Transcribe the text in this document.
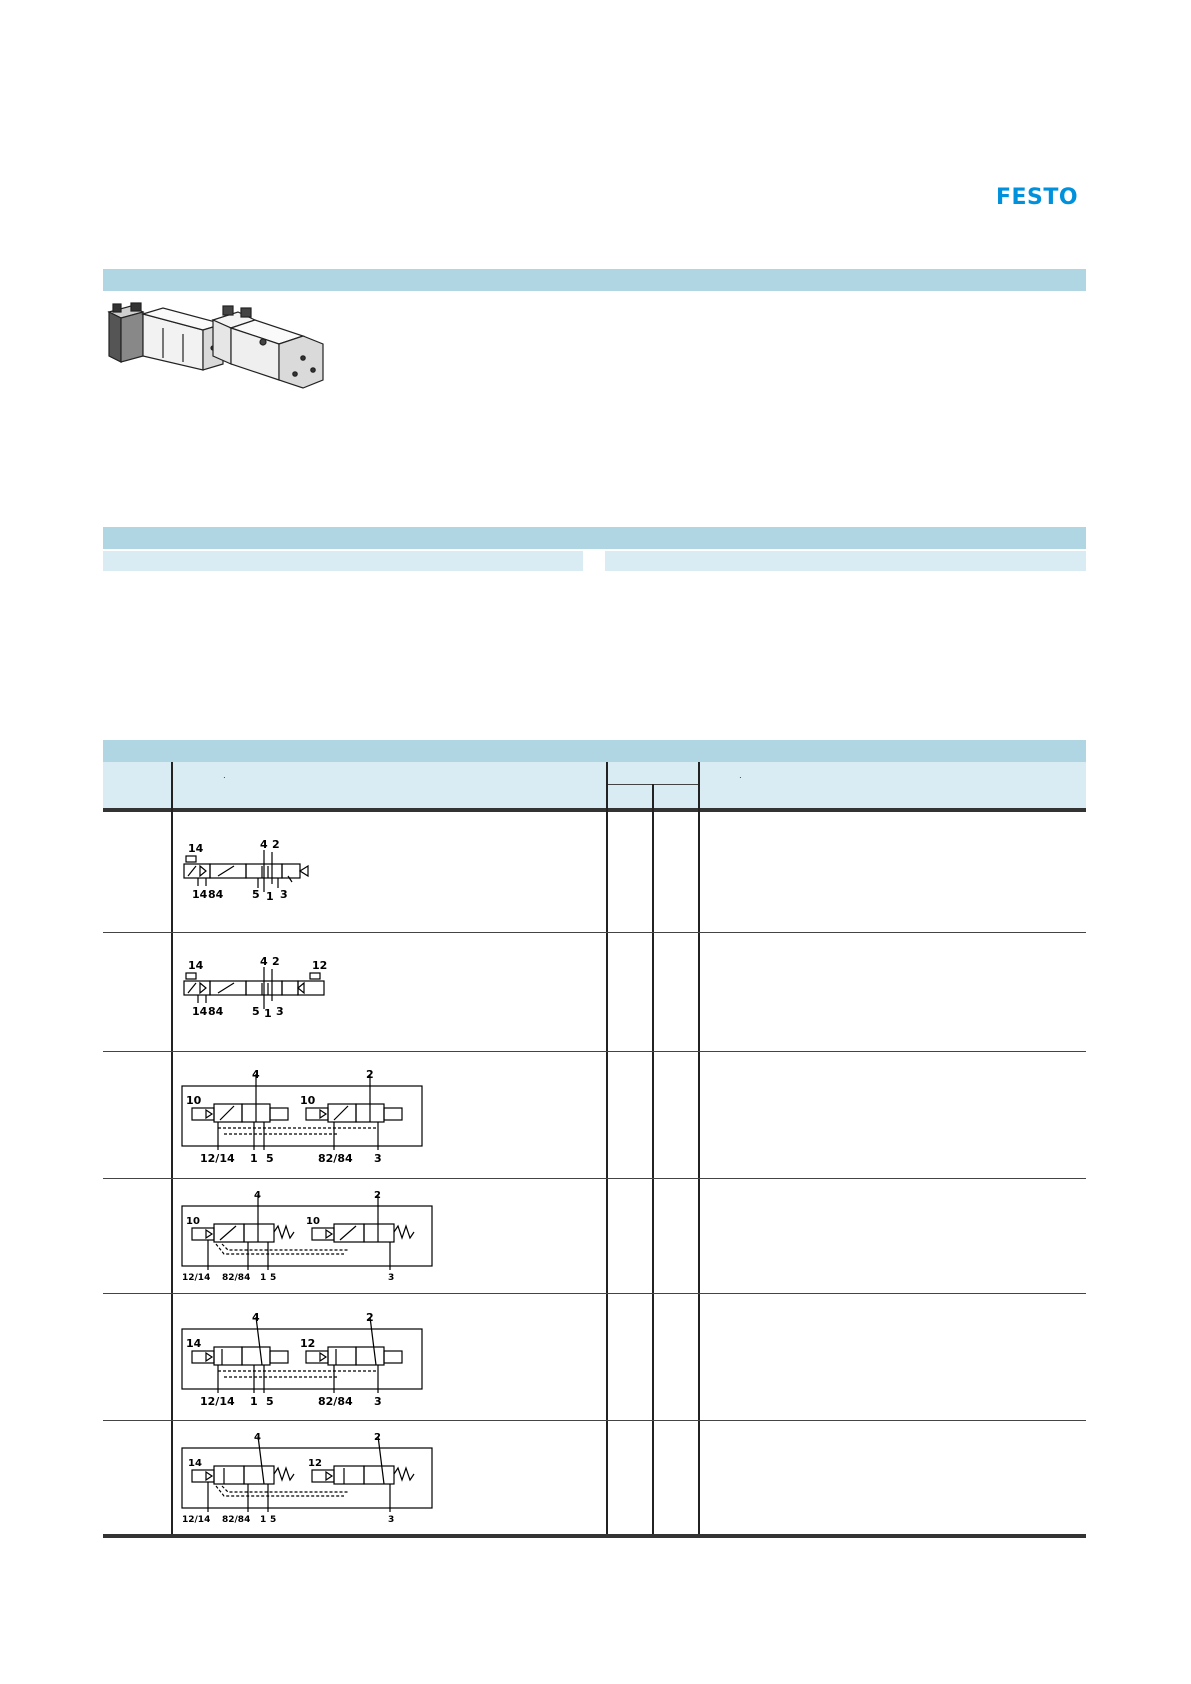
FESTO
·	·
14	4 2
14 84	5 1 3
14	4 2	12
14 84	5 1 3
4	2
10	10
12/14 1 5	82/84 3
4	2
10	10
12/14 82/84 1 5	3
4	2
14	12
12/14 1 5	82/84 3
4	2
14	12
12/14 82/84 1 5	3
